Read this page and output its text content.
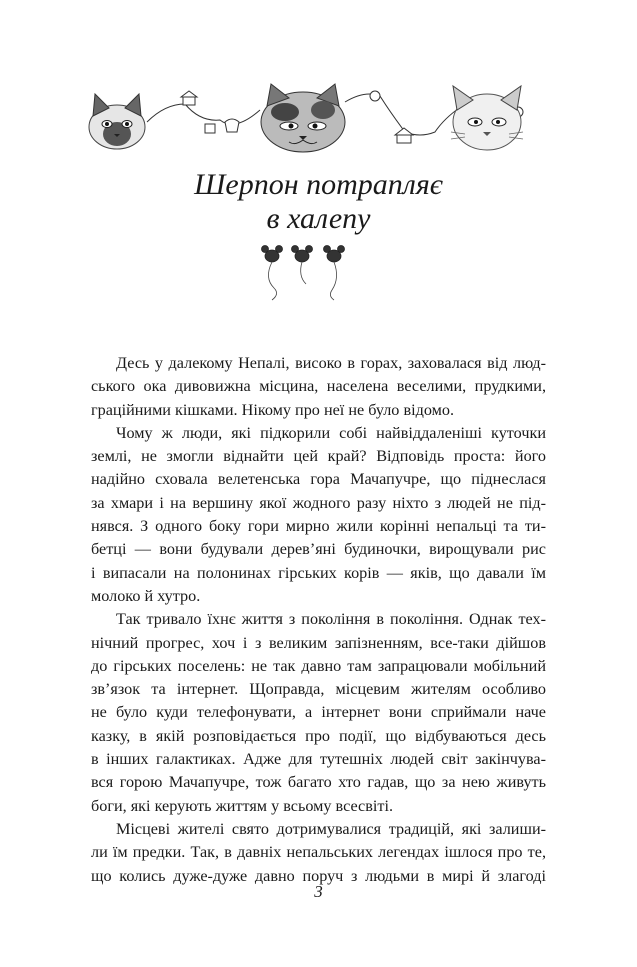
Шерпон потрапляє
в халепу
Десь у далекому Непалі, високо в горах, заховалася від люд-
ського ока дивовижна місцина, населена веселими, прудкими,
граційними кішками. Нікому про неї не було відомо.
Чому ж люди, які підкорили собі найвіддаленіші куточки
землі, не змогли віднайти цей край? Відповідь проста: його
надійно сховала велетенська гора Мачапучре, що піднеслася
за хмари і на вершину якої жодного разу ніхто з людей не під-
нявся. З одного боку гори мирно жили корінні непальці та ти-
бетці — вони будували дерев’яні будиночки, вирощували рис
і випасали на полонинах гірських корів — яків, що давали їм
молоко й хутро.
Так тривало їхнє життя з покоління в покоління. Однак тех-
нічний прогрес, хоч і з великим запізненням, все-таки дійшов
до гірських поселень: не так давно там запрацювали мобільний
зв’язок та інтернет. Щоправда, місцевим жителям особливо
не було куди телефонувати, а інтернет вони сприймали наче
казку, в якій розповідається про події, що відбуваються десь
в інших галактиках. Адже для тутешніх людей світ закінчува-
вся горою Мачапучре, тож багато хто гадав, що за нею живуть
боги, які керують життям у всьому всесвіті.
Місцеві жителі свято дотримувалися традицій, які залиши-
ли їм предки. Так, в давніх непальських легендах ішлося про те,
що колись дуже-дуже давно поруч з людьми в мирі й злагоді
3
